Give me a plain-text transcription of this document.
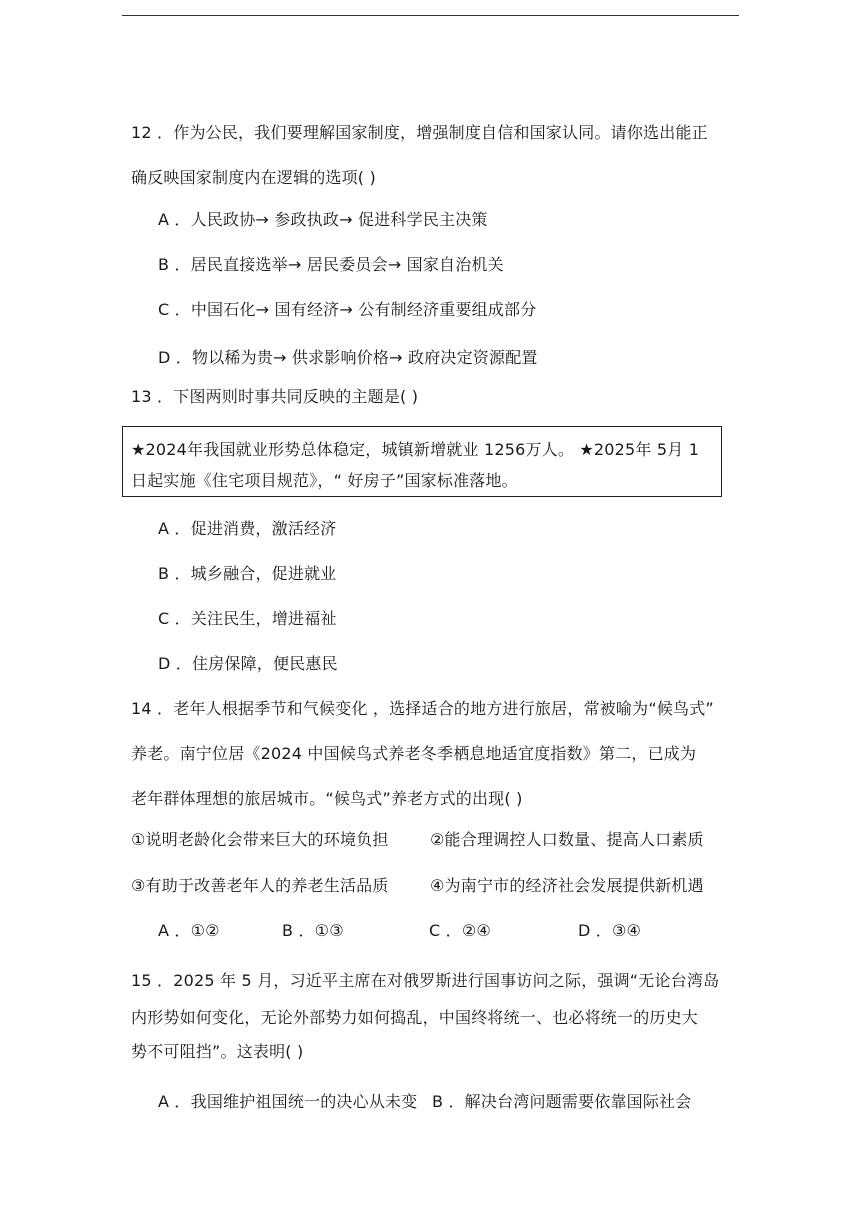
12 ．作为公民，我们要理解国家制度，增强制度自信和国家认同。请你选出能正
确反映国家制度内在逻辑的选项( )
A ．人民政协→ 参政执政→ 促进科学民主决策
B ．居民直接选举→ 居民委员会→ 国家自治机关
C ．中国石化→ 国有经济→ 公有制经济重要组成部分
D ．物以稀为贵→ 供求影响价格→ 政府决定资源配置
13 ．下图两则时事共同反映的主题是( )
★2024年我国就业形势总体稳定，城镇新增就业 1256万人。 ★2025年 5月 1
日起实施《住宅项目规范》，“ 好房子”国家标准落地。
A ．促进消费，激活经济
B ．城乡融合，促进就业
C ．关注民生，增进福祉
D ．住房保障，便民惠民
14 ．老年人根据季节和气候变化 ，选择适合的地方进行旅居，常被喻为“候鸟式”
养老。南宁位居《2024 中国候鸟式养老冬季栖息地适宜度指数》第二，已成为
老年群体理想的旅居城市。“候鸟式”养老方式的出现( )
①说明老龄化会带来巨大的环境负担	②能合理调控人口数量、提高人口素质
③有助于改善老年人的养老生活品质	④为南宁市的经济社会发展提供新机遇
A ．①②	B ．①③	C ．②④	D ．③④
15 ．2025 年 5 月，习近平主席在对俄罗斯进行国事访问之际，强调“无论台湾岛
内形势如何变化，无论外部势力如何捣乱，中国终将统一、也必将统一的历史大
势不可阻挡”。这表明( )
A ．我国维护祖国统一的决心从未变 B ．解决台湾问题需要依靠国际社会
